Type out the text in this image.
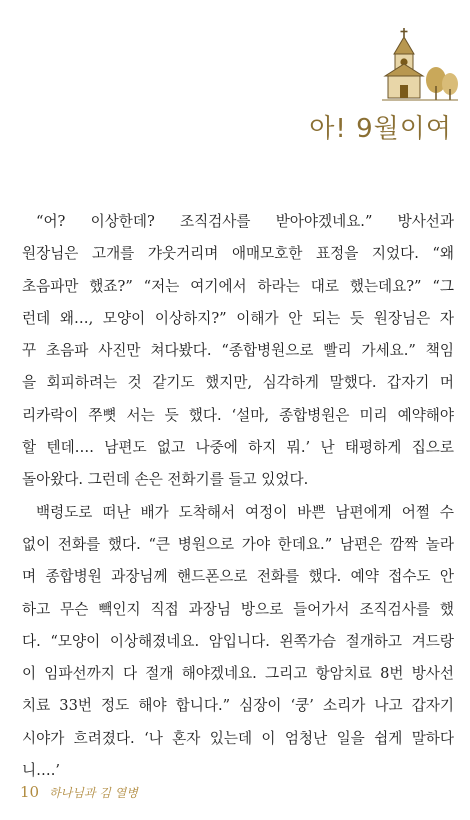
아! 9월이여
“어? 이상한데? 조직검사를 받아야겠네요.” 방사선과
원장님은 고개를 갸웃거리며 애매모호한 표정을 지었다. “왜
초음파만 했죠?” “저는 여기에서 하라는 대로 했는데요?” “그
런데 왜…, 모양이 이상하지?” 이해가 안 되는 듯 원장님은 자
꾸 초음파 사진만 쳐다봤다. “종합병원으로 빨리 가세요.” 책임
을 회피하려는 것 같기도 했지만, 심각하게 말했다. 갑자기 머
리카락이 쭈뼛 서는 듯 했다. ‘설마, 종합병원은 미리 예약해야
할 텐데…. 남편도 없고 나중에 하지 뭐.’ 난 태평하게 집으로
돌아왔다. 그런데 손은 전화기를 들고 있었다.
백령도로 떠난 배가 도착해서 여정이 바쁜 남편에게 어쩔 수
없이 전화를 했다. “큰 병원으로 가야 한데요.” 남편은 깜짝 놀라
며 종합병원 과장님께 핸드폰으로 전화를 했다. 예약 접수도 안
하고 무슨 빽인지 직접 과장님 방으로 들어가서 조직검사를 했
다. “모양이 이상해졌네요. 암입니다. 왼쪽가슴 절개하고 겨드랑
이 임파선까지 다 절개 해야겠네요. 그리고 항암치료 8번 방사선
치료 33번 정도 해야 합니다.” 심장이 ‘쿵’ 소리가 나고 갑자기
시야가 흐려졌다. ‘나 혼자 있는데 이 엄청난 일을 쉽게 말하다
니….’
10 하나님과 김 열병
